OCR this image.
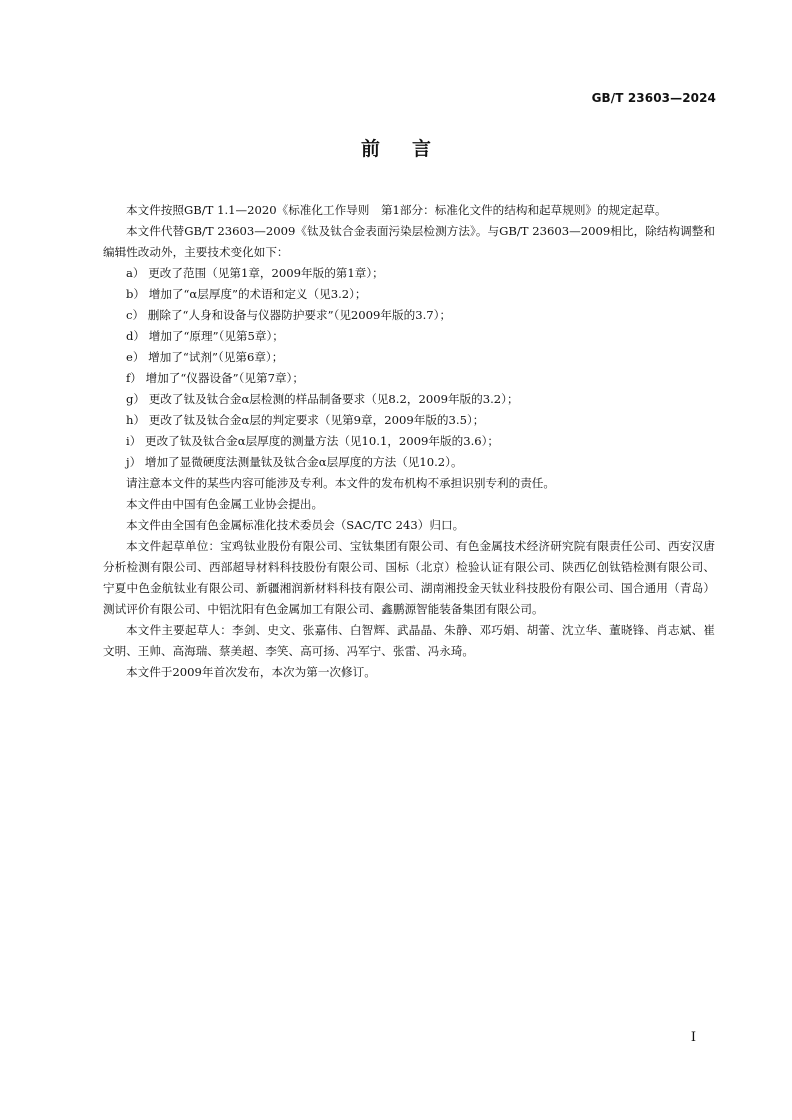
GB/T 23603—2024
前言

本文件按照GB/T 1.1—2020《标准化工作导则　第1部分：标准化文件的结构和起草规则》的规定起草。

本文件代替GB/T 23603—2009《钛及钛合金表面污染层检测方法》。与GB/T 23603—2009相比，除结构调整和编辑性改动外，主要技术变化如下：

a） 更改了范围（见第1章，2009年版的第1章）；

b） 增加了“α层厚度”的术语和定义（见3.2）；

c） 删除了“人身和设备与仪器防护要求”（见2009年版的3.7）；

d） 增加了“原理”（见第5章）；

e） 增加了“试剂”（见第6章）；

f） 增加了“仪器设备”（见第7章）；

g） 更改了钛及钛合金α层检测的样品制备要求（见8.2，2009年版的3.2）；

h） 更改了钛及钛合金α层的判定要求（见第9章，2009年版的3.5）；

i） 更改了钛及钛合金α层厚度的测量方法（见10.1，2009年版的3.6）；

j） 增加了显微硬度法测量钛及钛合金α层厚度的方法（见10.2）。

请注意本文件的某些内容可能涉及专利。本文件的发布机构不承担识别专利的责任。

本文件由中国有色金属工业协会提出。

本文件由全国有色金属标准化技术委员会（SAC/TC 243）归口。

本文件起草单位：宝鸡钛业股份有限公司、宝钛集团有限公司、有色金属技术经济研究院有限责任公司、西安汉唐分析检测有限公司、西部超导材料科技股份有限公司、国标（北京）检验认证有限公司、陕西亿创钛锆检测有限公司、宁夏中色金航钛业有限公司、新疆湘润新材料科技有限公司、湖南湘投金天钛业科技股份有限公司、国合通用（青岛）测试评价有限公司、中铝沈阳有色金属加工有限公司、鑫鹏源智能装备集团有限公司。

本文件主要起草人：李剑、史文、张嘉伟、白智辉、武晶晶、朱静、邓巧娟、胡蕾、沈立华、董晓锋、肖志斌、崔文明、王帅、高海瑞、蔡美超、李笑、高可扬、冯军宁、张雷、冯永琦。

本文件于2009年首次发布，本次为第一次修订。

I
